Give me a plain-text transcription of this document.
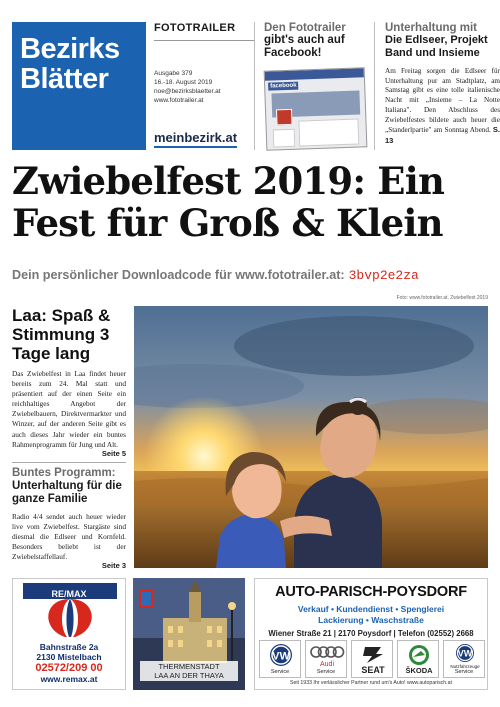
Bezirks
Blätter
FOTOTRAILER
Ausgabe 379
16.-18. August 2019
noe@bezirksblaetter.at
www.fototrailer.at
meinbezirk.at
Den Fototrailer
gibt's auch auf Facebook!
facebook
Unterhaltung mit
Die Edlseer, Projekt Band und Insieme
Am Freitag sorgen die Edlseer für Unterhaltung pur am Stadtplatz, am Samstag gibt es eine tolle italienische Nacht mit „Insieme – La Notte Italiana". Den Abschluss des Zwiebelfestes bildete auch heuer die „Standerlpartie" am Sonntag Abend. S. 13
Zwiebelfest 2019: Ein Fest für Groß & Klein
Dein persönlicher Downloadcode für www.fototrailer.at: 3bvp2e2za
Foto: www.fototrailer.at, Zwiebelfest 2019
Laa: Spaß & Stimmung 3 Tage lang

Das Zwiebelfest in Laa findet heuer bereits zum 24. Mal statt und präsentiert auf der einen Seite ein reichhaltiges Angebot der Zwiebelbauern, Direktvermarkter und Winzer, auf der anderen Seite gibt es auch dieses Jahr wieder ein buntes Rahmenprogramm für Jung und Alt.

Seite 5
Buntes Programm:
Unterhaltung für die ganze Familie

Radio 4/4 sendet auch heuer wieder live vom Zwiebelfest. Stargäste sind diesmal die Edlseer und Kornfeld. Besonders beliebt ist der Zwiebelstaffellauf.

Seite 3
RE/MAX
Bahnstraße 2a
2130 Mistelbach
02572/209 00
www.remax.at
THERMENSTADT
LAA AN DER THAYA
AUTO-PARISCH-POYSDORF
Verkauf • Kundendienst • Spenglerei
Lackierung • Waschstraße
Wiener Straße 21 | 2170 Poysdorf | Telefon (02552) 2668
VW
Service
Audi
Service	SEAT	ŠKODA
VW
Nutzfahrzeuge
Service
Seit 1933 Ihr verlässlicher Partner rund um's Auto! www.autoparisch.at
